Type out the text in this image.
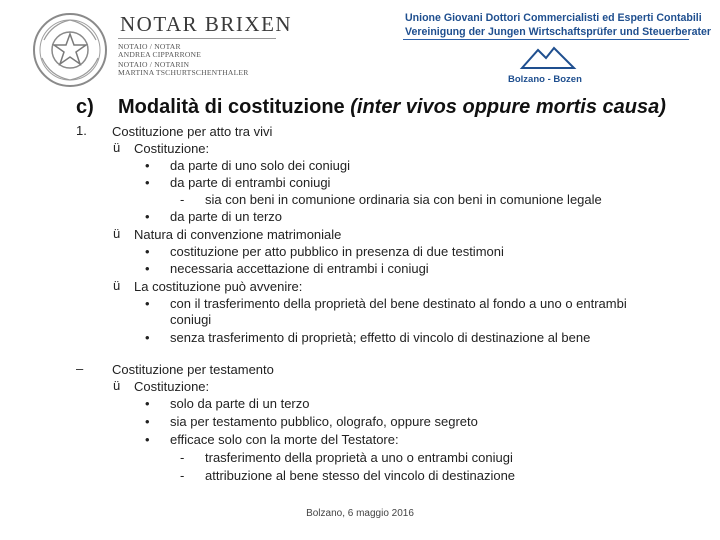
NOTAR BRIXEN
NOTAIO / NOTAR
ANDREA CIPPARRONE
NOTAIO / NOTARIN
MARTINA TSCHURTSCHENTHALER
Unione Giovani Dottori Commercialisti ed Esperti Contabili
Vereinigung der Jungen Wirtschaftsprüfer und Steuerberater
Bolzano - Bozen
c) Modalità di costituzione (inter vivos oppure mortis causa)
1. Costituzione per atto tra vivi
ü Costituzione:
• da parte di uno solo dei coniugi
• da parte di entrambi coniugi
- sia con beni in comunione ordinaria sia con beni in comunione legale
• da parte di un terzo
ü Natura di convenzione matrimoniale
• costituzione per atto pubblico in presenza di due testimoni
• necessaria accettazione di entrambi i coniugi
ü La costituzione può avvenire:
• con il trasferimento della proprietà del bene destinato al fondo a uno o entrambi
coniugi
• senza trasferimento di proprietà; effetto di vincolo di destinazione al bene
– Costituzione per testamento
ü Costituzione:
• solo da parte di un terzo
• sia per testamento pubblico, olografo, oppure segreto
• efficace solo con la morte del Testatore:
- trasferimento della proprietà a uno o entrambi coniugi
- attribuzione al bene stesso del vincolo di destinazione
Bolzano, 6 maggio 2016
